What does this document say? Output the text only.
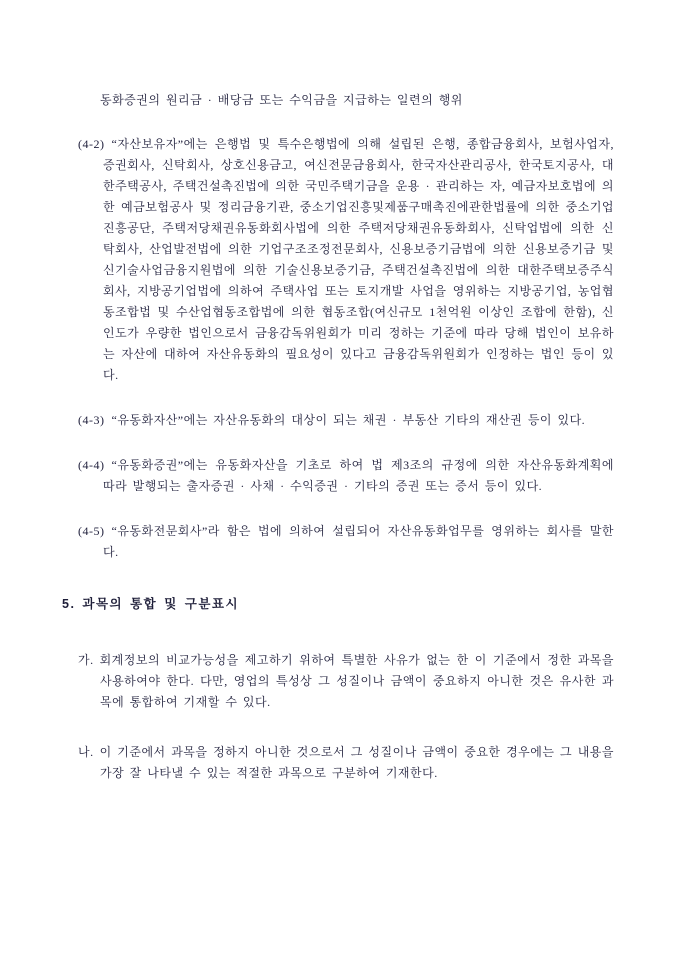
동화증권의 원리금 · 배당금 또는 수익금을 지급하는 일련의 행위

(4-2) “자산보유자”에는 은행법 및 특수은행법에 의해 설립된 은행, 종합금융회사, 보험사업자, 증권회사, 신탁회사, 상호신용금고, 여신전문금융회사, 한국자산관리공사, 한국토지공사, 대한주택공사, 주택건설촉진법에 의한 국민주택기금을 운용 · 관리하는 자, 예금자보호법에 의한 예금보험공사 및 정리금융기관, 중소기업진흥및제품구매촉진에관한법률에 의한 중소기업진흥공단, 주택저당채권유동화회사법에 의한 주택저당채권유동화회사, 신탁업법에 의한 신탁회사, 산업발전법에 의한 기업구조조정전문회사, 신용보증기금법에 의한 신용보증기금 및 신기술사업금융지원법에 의한 기술신용보증기금, 주택건설촉진법에 의한 대한주택보증주식회사, 지방공기업법에 의하여 주택사업 또는 토지개발 사업을 영위하는 지방공기업, 농업협동조합법 및 수산업협동조합법에 의한 협동조합(여신규모 1천억원 이상인 조합에 한함), 신인도가 우량한 법인으로서 금융감독위원회가 미리 정하는 기준에 따라 당해 법인이 보유하는 자산에 대하여 자산유동화의 필요성이 있다고 금융감독위원회가 인정하는 법인 등이 있다.

(4-3) “유동화자산”에는 자산유동화의 대상이 되는 채권 · 부동산 기타의 재산권 등이 있다.

(4-4) “유동화증권”에는 유동화자산을 기초로 하여 법 제3조의 규정에 의한 자산유동화계획에 따라 발행되는 출자증권 · 사채 · 수익증권 · 기타의 증권 또는 증서 등이 있다.

(4-5) “유동화전문회사”라 함은 법에 의하여 설립되어 자산유동화업무를 영위하는 회사를 말한다.

5. 과목의 통합 및 구분표시

가. 회계정보의 비교가능성을 제고하기 위하여 특별한 사유가 없는 한 이 기준에서 정한 과목을 사용하여야 한다. 다만, 영업의 특성상 그 성질이나 금액이 중요하지 아니한 것은 유사한 과목에 통합하여 기재할 수 있다.

나. 이 기준에서 과목을 정하지 아니한 것으로서 그 성질이나 금액이 중요한 경우에는 그 내용을 가장 잘 나타낼 수 있는 적절한 과목으로 구분하여 기재한다.
